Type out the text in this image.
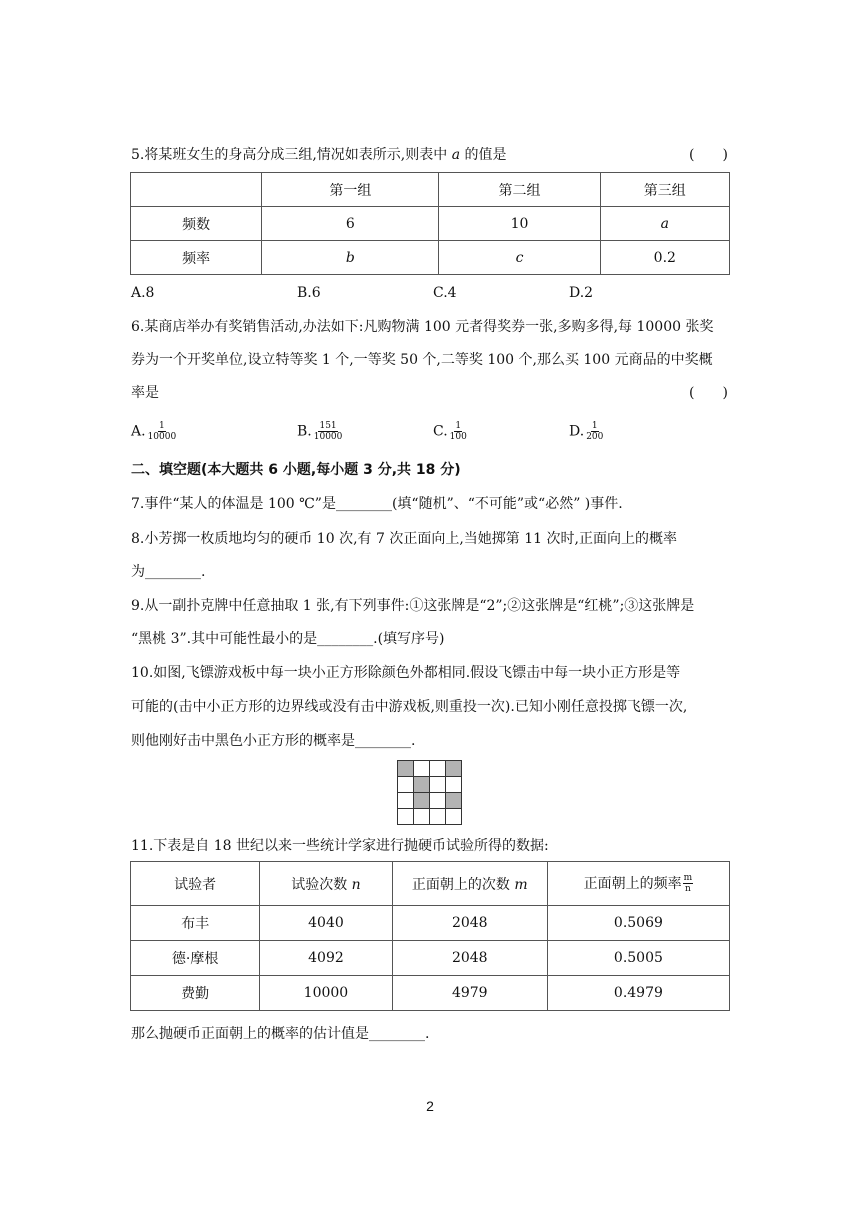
5.将某班女生的身高分成三组,情况如表所示,则表中 a 的值是	(　　)
	第一组	第二组	第三组
频数	6	10	a
频率	b	c	0.2
A.8	B.6	C.4	D.2
6.某商店举办有奖销售活动,办法如下:凡购物满 100 元者得奖券一张,多购多得,每 10000 张奖
券为一个开奖单位,设立特等奖 1 个,一等奖 50 个,二等奖 100 个,那么买 100 元商品的中奖概
率是	(　　)
A. $\frac{1}{10000}$	B. $\frac{151}{10000}$	C. $\frac{1}{100}$	D. $\frac{1}{200}$
二、填空题(本大题共 6 小题,每小题 3 分,共 18 分)
7.事件“某人的体温是 100 ℃”是________(填“随机”、“不可能”或“必然” )事件.
8.小芳掷一枚质地均匀的硬币 10 次,有 7 次正面向上,当她掷第 11 次时,正面向上的概率
为________.
9.从一副扑克牌中任意抽取 1 张,有下列事件:①这张牌是“2”;②这张牌是“红桃”;③这张牌是
“黑桃 3”.其中可能性最小的是________.(填写序号)
10.如图,飞镖游戏板中每一块小正方形除颜色外都相同.假设飞镖击中每一块小正方形是等
可能的(击中小正方形的边界线或没有击中游戏板,则重投一次).已知小刚任意投掷飞镖一次,
则他刚好击中黑色小正方形的概率是________.
11.下表是自 18 世纪以来一些统计学家进行抛硬币试验所得的数据:
试验者	试验次数 n	正面朝上的次数 m	正面朝上的频率 $\frac{m}{n}$

布丰	4040	2048	0.5069
德·摩根	4092	2048	0.5005
费勤	10000	4979	0.4979
那么抛硬币正面朝上的概率的估计值是________.
2
